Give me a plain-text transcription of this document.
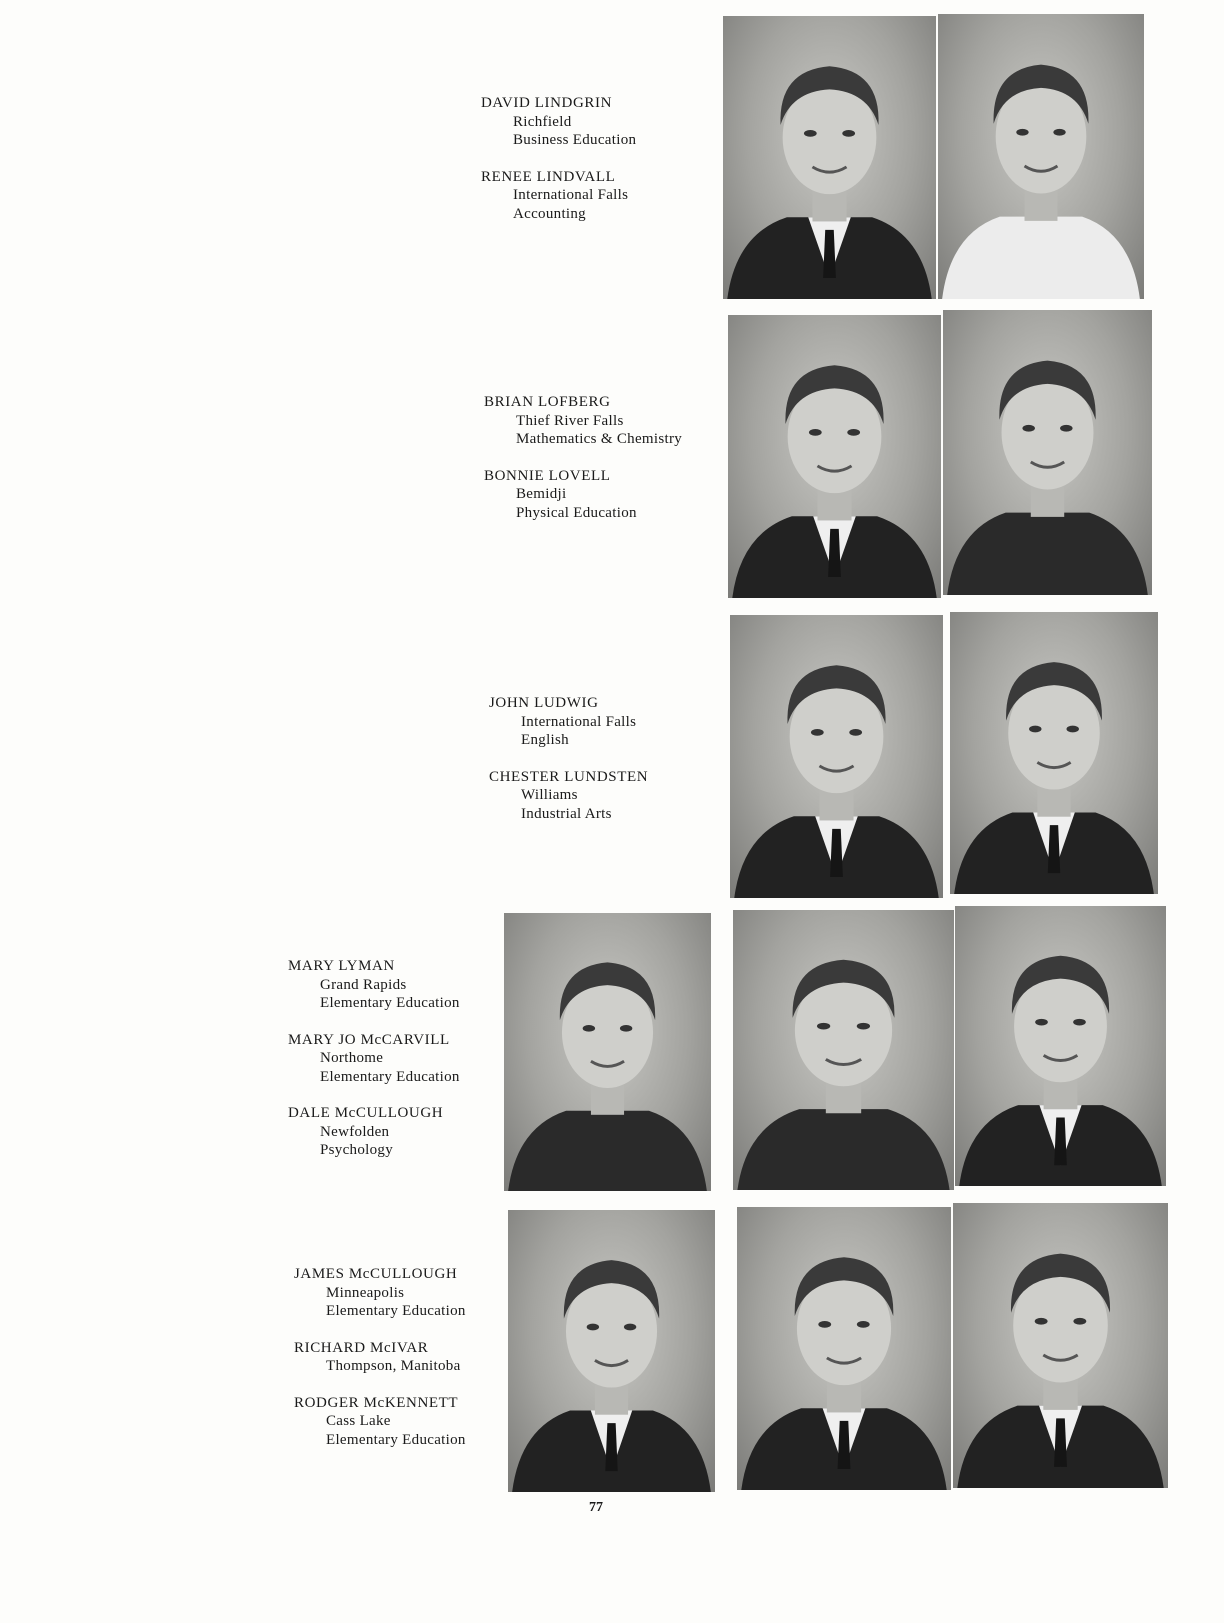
DAVID LINDGRIN
Richfield
Business Education
RENEE LINDVALL
International Falls
Accounting
BRIAN LOFBERG
Thief River Falls
Mathematics & Chemistry
BONNIE LOVELL
Bemidji
Physical Education
JOHN LUDWIG
International Falls
English
CHESTER LUNDSTEN
Williams
Industrial Arts
MARY LYMAN
Grand Rapids
Elementary Education
MARY JO McCARVILL
Northome
Elementary Education
DALE McCULLOUGH
Newfolden
Psychology
JAMES McCULLOUGH
Minneapolis
Elementary Education
RICHARD McIVAR
Thompson, Manitoba
RODGER McKENNETT
Cass Lake
Elementary Education
77
